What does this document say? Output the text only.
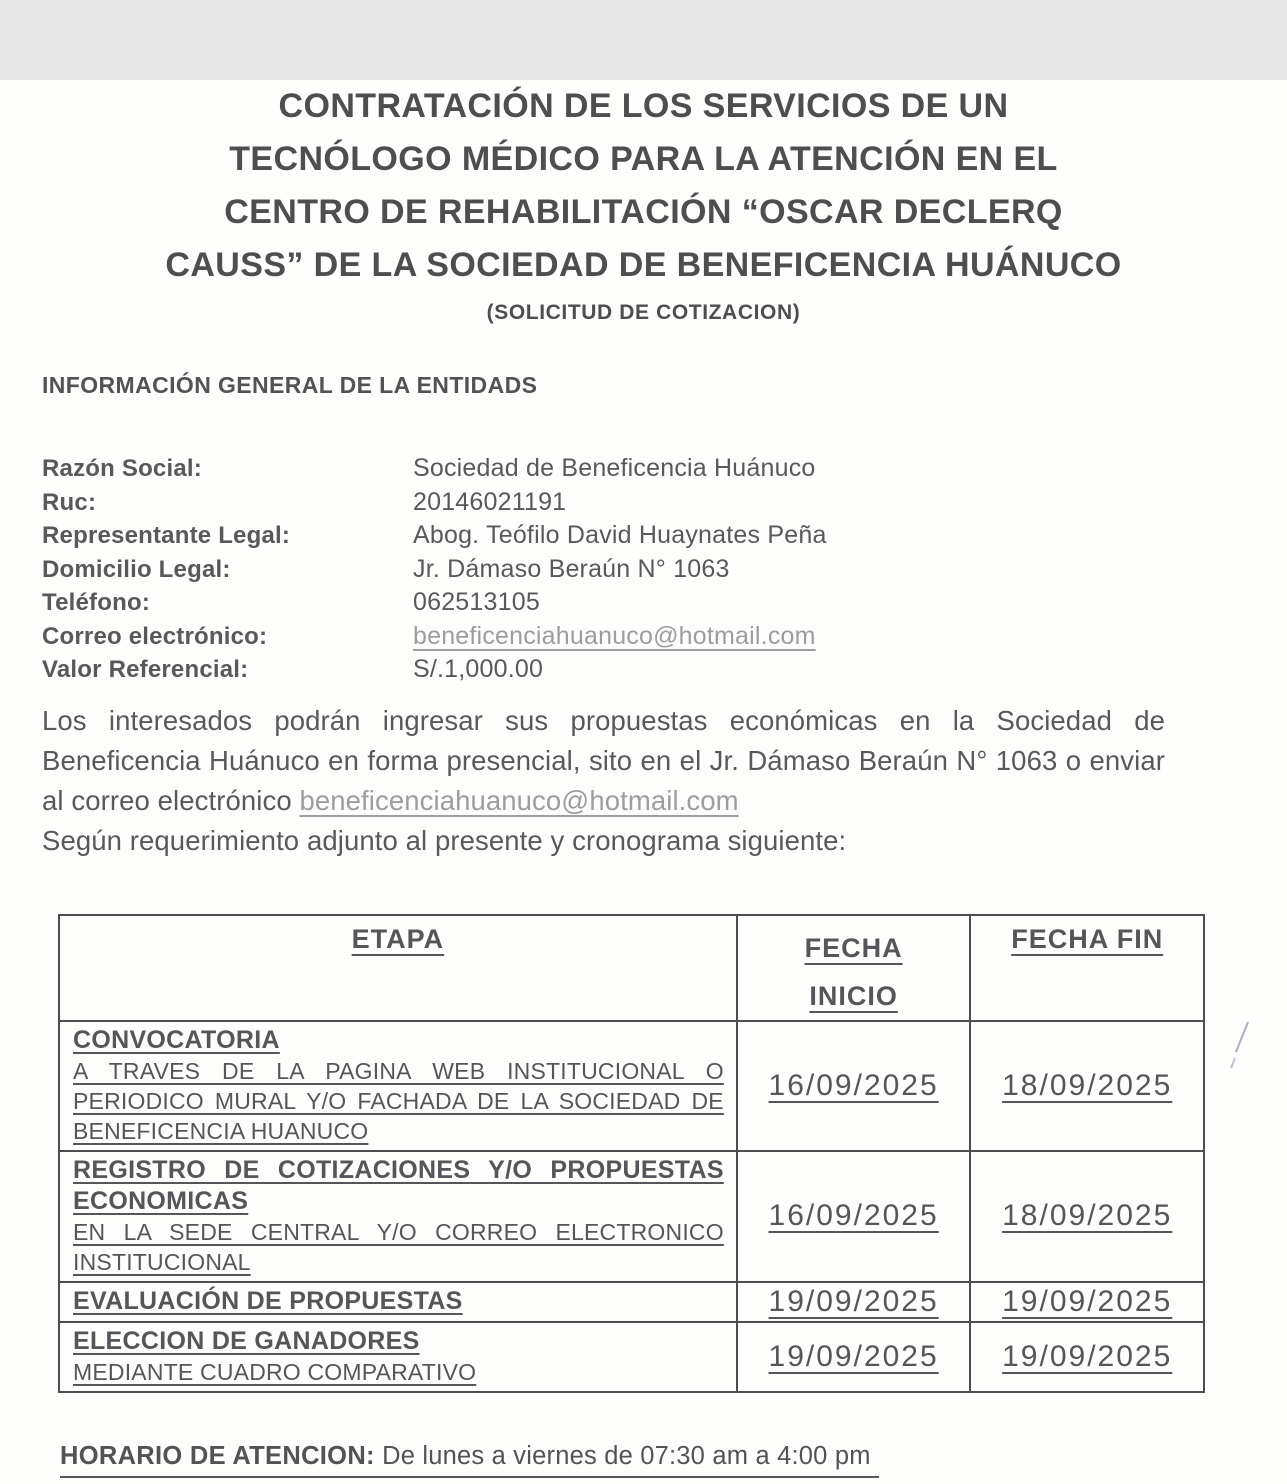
CONTRATACIÓN DE LOS SERVICIOS DE UN
TECNÓLOGO MÉDICO PARA LA ATENCIÓN EN EL
CENTRO DE REHABILITACIÓN “OSCAR DECLERQ
CAUSS” DE LA SOCIEDAD DE BENEFICENCIA HUÁNUCO
(SOLICITUD DE COTIZACION)
INFORMACIÓN GENERAL DE LA ENTIDADS
Razón Social:	Sociedad de Beneficencia Huánuco
Ruc:	20146021191
Representante Legal:	Abog. Teófilo David Huaynates Peña
Domicilio Legal:	Jr. Dámaso Beraún N° 1063
Teléfono:	062513105
Correo electrónico:	beneficenciahuanuco@hotmail.com
Valor Referencial:	S/.1,000.00

Los interesados podrán ingresar sus propuestas económicas en la Sociedad de Beneficencia Huánuco en forma presencial, sito en el Jr. Dámaso Beraún N° 1063 o enviar al correo electrónico beneficenciahuanuco@hotmail.com

Según requerimiento adjunto al presente y cronograma siguiente:

ETAPA	FECHA INICIO	FECHA FIN

CONVOCATORIA
A TRAVES DE LA PAGINA WEB INSTITUCIONAL O PERIODICO MURAL Y/O FACHADA DE LA SOCIEDAD DE BENEFICENCIA HUANUCO	16/09/2025	18/09/2025

REGISTRO DE COTIZACIONES Y/O PROPUESTAS ECONOMICAS
EN LA SEDE CENTRAL Y/O CORREO ELECTRONICO INSTITUCIONAL	16/09/2025	18/09/2025

EVALUACIÓN DE PROPUESTAS	19/09/2025	19/09/2025

ELECCION DE GANADORES
MEDIANTE CUADRO COMPARATIVO	19/09/2025	19/09/2025
HORARIO DE ATENCION: De lunes a viernes de 07:30 am a 4:00 pm
